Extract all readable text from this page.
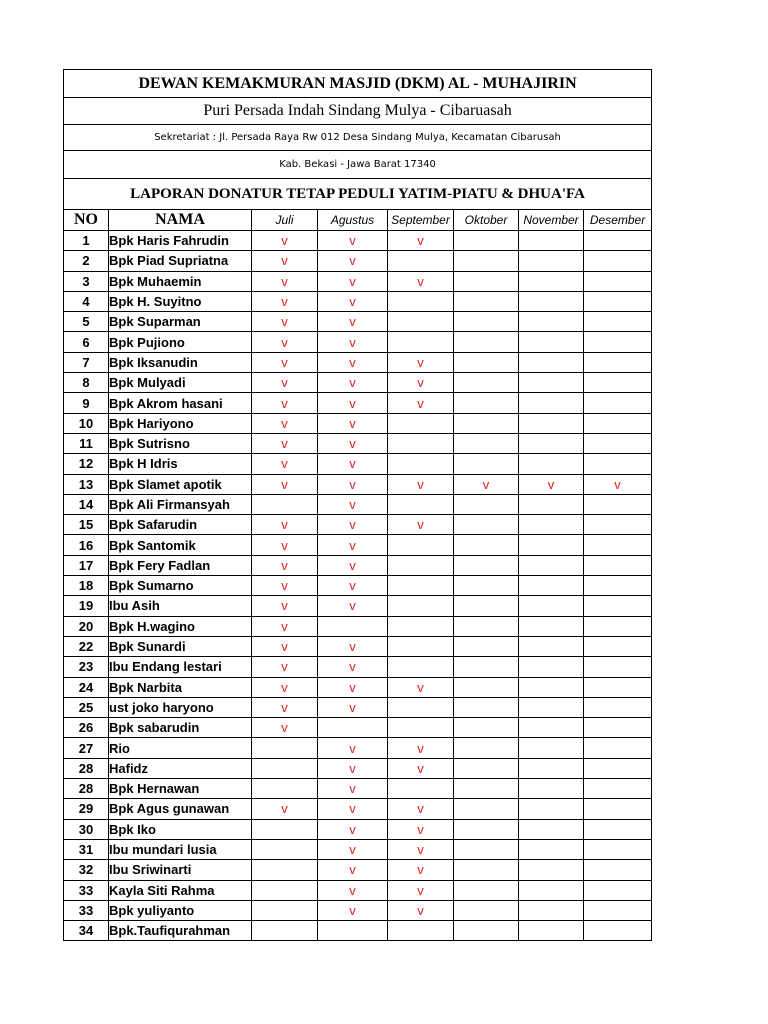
DEWAN KEMAKMURAN MASJID (DKM) AL - MUHAJIRIN							
Puri Persada Indah Sindang Mulya - Cibaruasah							
Sekretariat : Jl. Persada Raya Rw 012 Desa Sindang Mulya, Kecamatan Cibarusah							
Kab. Bekasi - Jawa Barat 17340							
LAPORAN DONATUR TETAP PEDULI YATIM-PIATU & DHUA'FA							
NO	NAMA	Juli	Agustus	September	Oktober	November	Desember
1	Bpk Haris Fahrudin	v	v	v			
2	Bpk Piad Supriatna	v	v				
3	Bpk Muhaemin	v	v	v			
4	Bpk H. Suyitno	v	v				
5	Bpk Suparman	v	v				
6	Bpk Pujiono	v	v				
7	Bpk Iksanudin	v	v	v			
8	Bpk Mulyadi	v	v	v			
9	Bpk Akrom hasani	v	v	v			
10	Bpk Hariyono	v	v				
11	Bpk Sutrisno	v	v				
12	Bpk H Idris	v	v				
13	Bpk Slamet apotik	v	v	v	v	v	v
14	Bpk Ali Firmansyah		v				
15	Bpk Safarudin	v	v	v			
16	Bpk Santomik	v	v				
17	Bpk Fery Fadlan	v	v				
18	Bpk Sumarno	v	v				
19	Ibu Asih	v	v				
20	Bpk H.wagino	v					
22	Bpk Sunardi	v	v				
23	Ibu Endang lestari	v	v				
24	Bpk Narbita	v	v	v			
25	ust joko haryono	v	v				
26	Bpk sabarudin	v					
27	Rio		v	v			
28	Hafidz		v	v			
28	Bpk Hernawan		v				
29	Bpk Agus gunawan	v	v	v			
30	Bpk Iko		v	v			
31	Ibu mundari lusia		v	v			
32	Ibu Sriwinarti		v	v			
33	Kayla Siti Rahma		v	v			
33	Bpk yuliyanto		v	v			
34	Bpk.Taufiqurahman						
